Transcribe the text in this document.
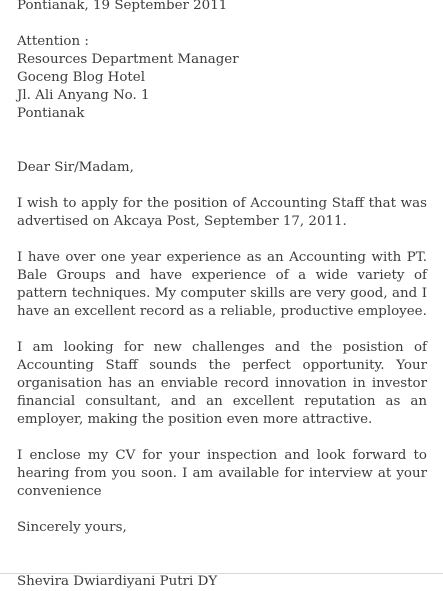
Pontianak, 19 September 2011
Attention :
Resources Department Manager
Goceng Blog Hotel
Jl. Ali Anyang No. 1
Pontianak
Dear Sir/Madam,

I wish to apply for the position of Accounting Staff that was advertised on Akcaya Post, September 17, 2011.

I have over one year experience as an Accounting with PT. Bale Groups and have experience of a wide variety of pattern techniques. My computer skills are very good, and I have an excellent record as a reliable, productive employee.

I am looking for new challenges and the posistion of Accounting Staff sounds the perfect opportunity. Your organisation has an enviable record innovation in investor financial consultant, and an excellent reputation as an employer, making the position even more attractive.

I enclose my CV for your inspection and look forward to hearing from you soon. I am available for interview at your convenience

Sincerely yours,
Shevira Dwiardiyani Putri DY
